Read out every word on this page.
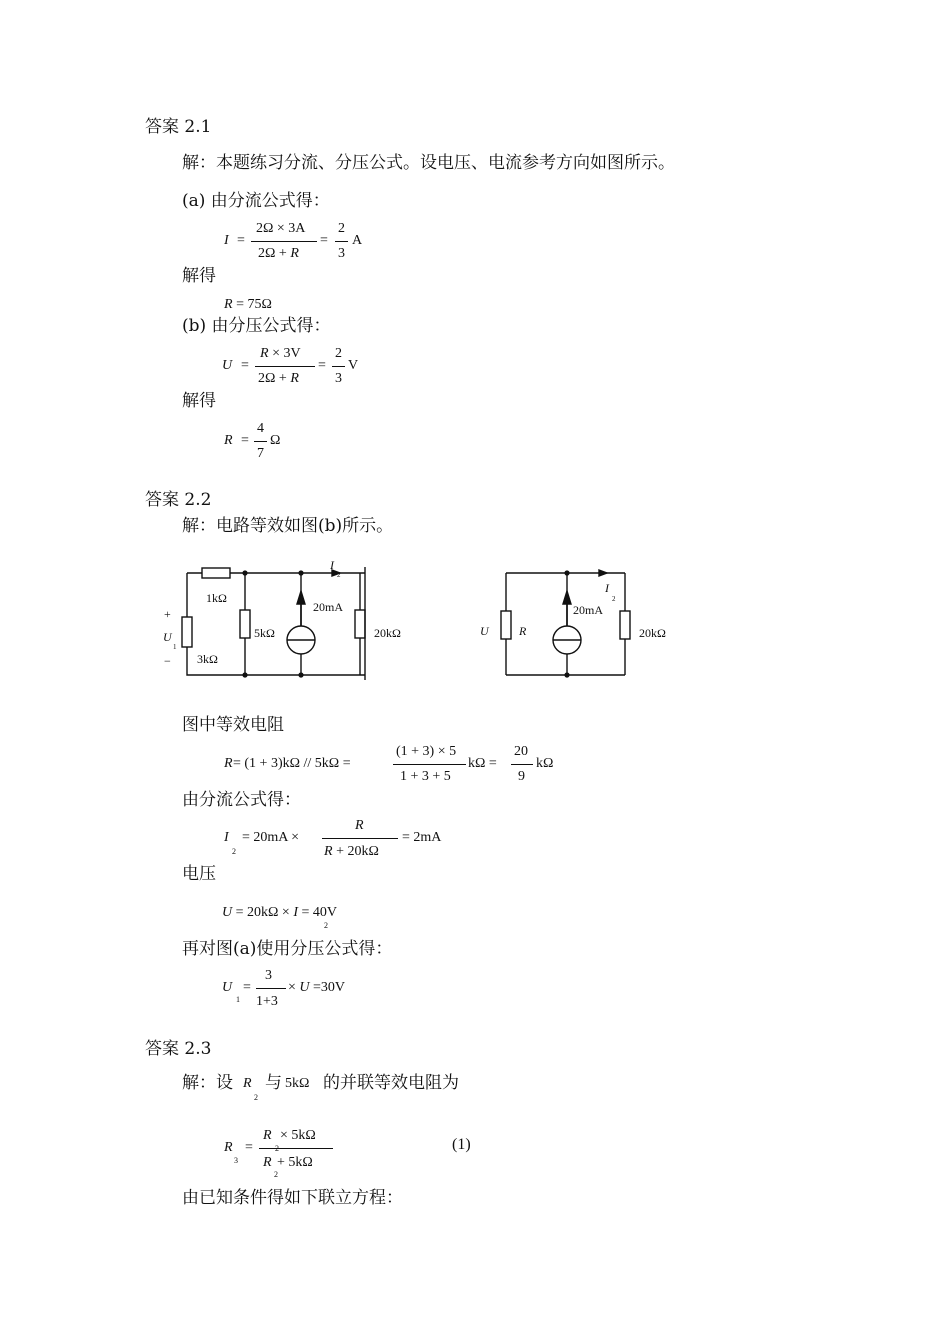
答案 2.1
解：本题练习分流、分压公式。设电压、电流参考方向如图所示。
(a) 由分流公式得：
I =
2Ω × 3A
2Ω + R
=
2
3
A
解得
R = 75Ω
(b) 由分压公式得：
U =
R × 3V
2Ω + R
=
2
3
V
解得
R =
4
7
Ω
答案 2.2
解：电路等效如图(b)所示。
1kΩ
3kΩ
5kΩ
20mA
20kΩ
I
2
+
U
1
−
U	R
20mA
I
2
20kΩ
图中等效电阻
R = (1 + 3)kΩ // 5kΩ =
(1 + 3) × 5
1 + 3 + 5
kΩ =
20
9
kΩ
由分流公式得：
I
2
= 20mA ×
R
R + 20kΩ
= 2mA
电压
U = 20kΩ × I = 40V
2
再对图(a)使用分压公式得：
U
1
=
3
1+3
× U =30V
答案 2.3
解：设 R
2
与 5kΩ 的并联等效电阻为
R
3
=
R × 5kΩ
R
2
+ 5kΩ
(1)
由已知条件得如下联立方程：
